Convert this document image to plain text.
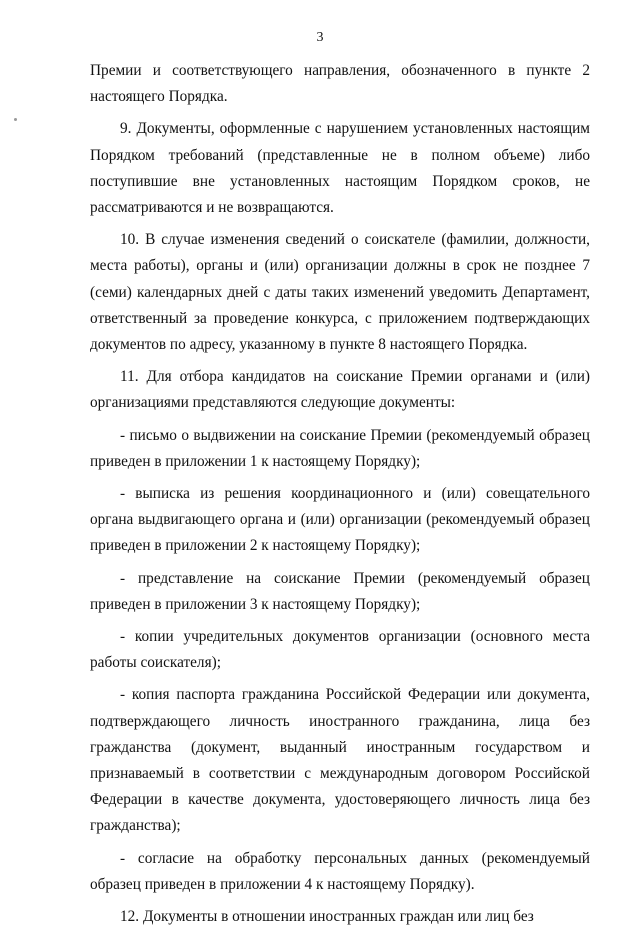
3

Премии и соответствующего направления, обозначенного в пункте 2 настоящего Порядка.

9. Документы, оформленные с нарушением установленных настоящим Порядком требований (представленные не в полном объеме) либо поступившие вне установленных настоящим Порядком сроков, не рассматриваются и не возвращаются.

10. В случае изменения сведений о соискателе (фамилии, должности, места работы), органы и (или) организации должны в срок не позднее 7 (семи) календарных дней с даты таких изменений уведомить Департамент, ответственный за проведение конкурса, с приложением подтверждающих документов по адресу, указанному в пункте 8 настоящего Порядка.

11. Для отбора кандидатов на соискание Премии органами и (или) организациями представляются следующие документы:

- письмо о выдвижении на соискание Премии (рекомендуемый образец приведен в приложении 1 к настоящему Порядку);

- выписка из решения координационного и (или) совещательного органа выдвигающего органа и (или) организации (рекомендуемый образец приведен в приложении 2 к настоящему Порядку);

- представление на соискание Премии (рекомендуемый образец приведен в приложении 3 к настоящему Порядку);

- копии учредительных документов организации (основного места работы соискателя);

- копия паспорта гражданина Российской Федерации или документа, подтверждающего личность иностранного гражданина, лица без гражданства (документ, выданный иностранным государством и признаваемый в соответствии с международным договором Российской Федерации в качестве документа, удостоверяющего личность лица без гражданства);

- согласие на обработку персональных данных (рекомендуемый образец приведен в приложении 4 к настоящему Порядку).

12. Документы в отношении иностранных граждан или лиц без
